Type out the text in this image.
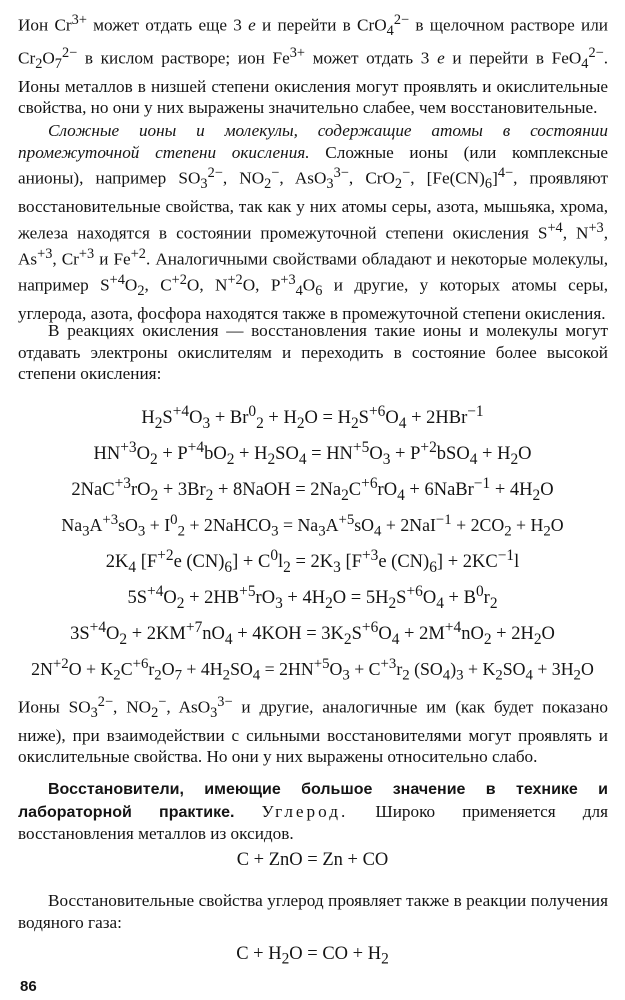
Ион $Cr^{3+}$ может отдать еще 3 e и перейти в CrO$_4^{2-}$ в щелочном растворе или $Cr_2O_7^{2-}$ в кислом растворе; ион $Fe^{3+}$ может отдать 3 e и перейти в FeO$_4^{2-}$. Ионы металлов в низшей степени окисления могут проявлять и окислительные свойства, но они у них выражены значительно слабее, чем восстановительные.

Сложные ионы и молекулы, содержащие атомы в состоянии промежуточной степени окисления. Сложные ионы (или комплексные анионы), например $SO_3^{2-}$, $NO_2^-$, AsO$_3^{3-}$, CrO$_2$−, $[Fe(CN)_6]^{4-}$, проявляют восстановительные свойства, так как у них атомы серы, азота, мышьяка, хрома, железа находятся в состоянии промежуточной степени окисления $S^{+4}$, $N^{+3}$, $As^{+3}$, $Cr^{+3}$ и $Fe^{+2}$. Аналогичными свойствами обладают и некоторые молекулы, например $S^{+4}O_2$, $C^{+2}O$, $N^{+2}O$, $P^{+3}_4O_6$ и другие, у которых атомы серы, углерода, азота, фосфора находятся также в промежуточной степени окисления.

В реакциях окисления — восстановления такие ионы и молекулы могут отдавать электроны окислителям и переходить в состояние более высокой степени окисления:

$H_2S^{+4}O_3 + Br^0_2 + H_2O = H_2S^{+6}O_4 + 2HBr^{-1}$
$HN^{+3}O_2 + P^{+4}bO_2 + H_2SO_4 = HN^{+5}O_3 + P^{+2}bSO_4 + H_2O$
$2NaC^{+3}rO_2 + 3Br_2$ + 8NaOH = $2Na_2C^{+6}rO_4$ + 6NaBr$^{-1}$ + $4H_2O$
$Na_3A^{+3}sO_3 + I^0_2$ + 2NaHCO$_3$ = $Na_3A^{+5}sO_4 + 2NaI^{-1} + 2CO_2 + H_2O$
$2K_4$ [$F^{+2}e$ $(CN)_6] + C^0l_2 = 2K_3$ [$F^{+3}e$ $(CN)_6] + 2KC^{-1}l$
$5S^{+4}O_2 + 2HB^{+5}rO_3 + 4H_2O = 5H_2S^{+6}O_4 + B^0r_2$
$3S^{+4}O_2 + 2KM^{+7}nO_4 + 4KOH = 3K_2S^{+6}O_4 + 2M^{+4}nO_2 + 2H_2O$
$2N^{+2}O + K_2C^{+6}r_2O_7 + 4H_2SO_4 = 2HN^{+5}O_3 + C^{+3}r_2$ $(SO_4)_3 + K_2SO_4 + 3H_2O$

Ионы $SO_3^{2-}$, $NO_2^-$, AsO$_3^{3-}$ и другие, аналогичные им (как будет показано ниже), при взаимодействии с сильными восстановителями могут проявлять и окислительные свойства. Но они у них выражены относительно слабо.

Восстановители, имеющие большое значение в технике и лабораторной практике. Углерод. Широко применяется для восстановления металлов из оксидов.

C + ZnO = Zn + CO

Восстановительные свойства углерод проявляет также в реакции получения водяного газа:

$C + H_2O$ = CO + $H_2$
86
